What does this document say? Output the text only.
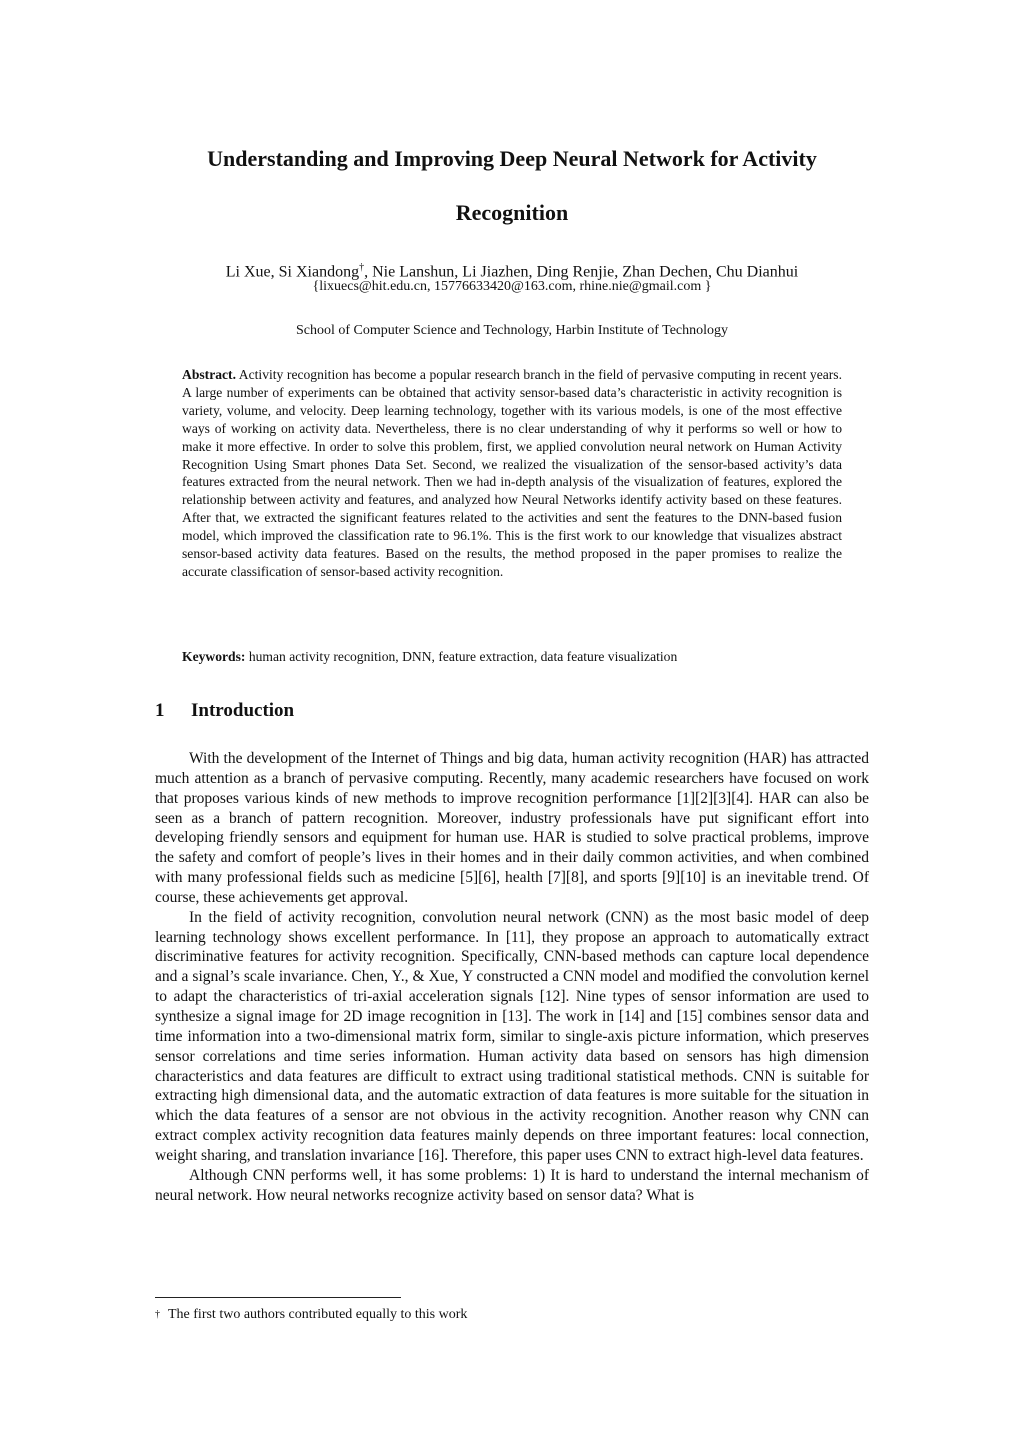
Understanding and Improving Deep Neural Network for Activity
Recognition
Li Xue, Si Xiandong†, Nie Lanshun, Li Jiazhen, Ding Renjie, Zhan Dechen, Chu Dianhui
{lixuecs@hit.edu.cn, 15776633420@163.com, rhine.nie@gmail.com }
School of Computer Science and Technology, Harbin Institute of Technology

Abstract. Activity recognition has become a popular research branch in the field of pervasive computing in recent years. A large number of experiments can be obtained that activity sensor-based data’s characteristic in activity recognition is variety, volume, and velocity. Deep learning technology, together with its various models, is one of the most effective ways of working on activity data. Nevertheless, there is no clear understanding of why it performs so well or how to make it more effective. In order to solve this problem, first, we applied convolution neural network on Human Activity Recognition Using Smart phones Data Set. Second, we realized the visualization of the sensor-based activity’s data features extracted from the neural network. Then we had in-depth analysis of the visualization of features, explored the relationship between activity and features, and analyzed how Neural Networks identify activity based on these features. After that, we extracted the significant features related to the activities and sent the features to the DNN-based fusion model, which improved the classification rate to 96.1%. This is the first work to our knowledge that visualizes abstract sensor-based activity data features. Based on the results, the method proposed in the paper promises to realize the accurate classification of sensor-based activity recognition.

Keywords: human activity recognition, DNN, feature extraction, data feature visualization

1 Introduction

With the development of the Internet of Things and big data, human activity recognition (HAR) has attracted much attention as a branch of pervasive computing. Recently, many academic researchers have focused on work that proposes various kinds of new methods to improve recognition performance [1][2][3][4]. HAR can also be seen as a branch of pattern recognition. Moreover, industry professionals have put significant effort into developing friendly sensors and equipment for human use. HAR is studied to solve practical problems, improve the safety and comfort of people’s lives in their homes and in their daily common activities, and when combined with many professional fields such as medicine [5][6], health [7][8], and sports [9][10] is an inevitable trend. Of course, these achievements get approval.

In the field of activity recognition, convolution neural network (CNN) as the most basic model of deep learning technology shows excellent performance. In [11], they propose an approach to automatically extract discriminative features for activity recognition. Specifically, CNN-based methods can capture local dependence and a signal’s scale invariance. Chen, Y., & Xue, Y constructed a CNN model and modified the convolution kernel to adapt the characteristics of tri-axial acceleration signals [12]. Nine types of sensor information are used to synthesize a signal image for 2D image recognition in [13]. The work in [14] and [15] combines sensor data and time information into a two-dimensional matrix form, similar to single-axis picture information, which preserves sensor correlations and time series information. Human activity data based on sensors has high dimension characteristics and data features are difficult to extract using traditional statistical methods. CNN is suitable for extracting high dimensional data, and the automatic extraction of data features is more suitable for the situation in which the data features of a sensor are not obvious in the activity recognition. Another reason why CNN can extract complex activity recognition data features mainly depends on three important features: local connection, weight sharing, and translation invariance [16]. Therefore, this paper uses CNN to extract high-level data features.

Although CNN performs well, it has some problems: 1) It is hard to understand the internal mechanism of neural network. How neural networks recognize activity based on sensor data? What is

† The first two authors contributed equally to this work
